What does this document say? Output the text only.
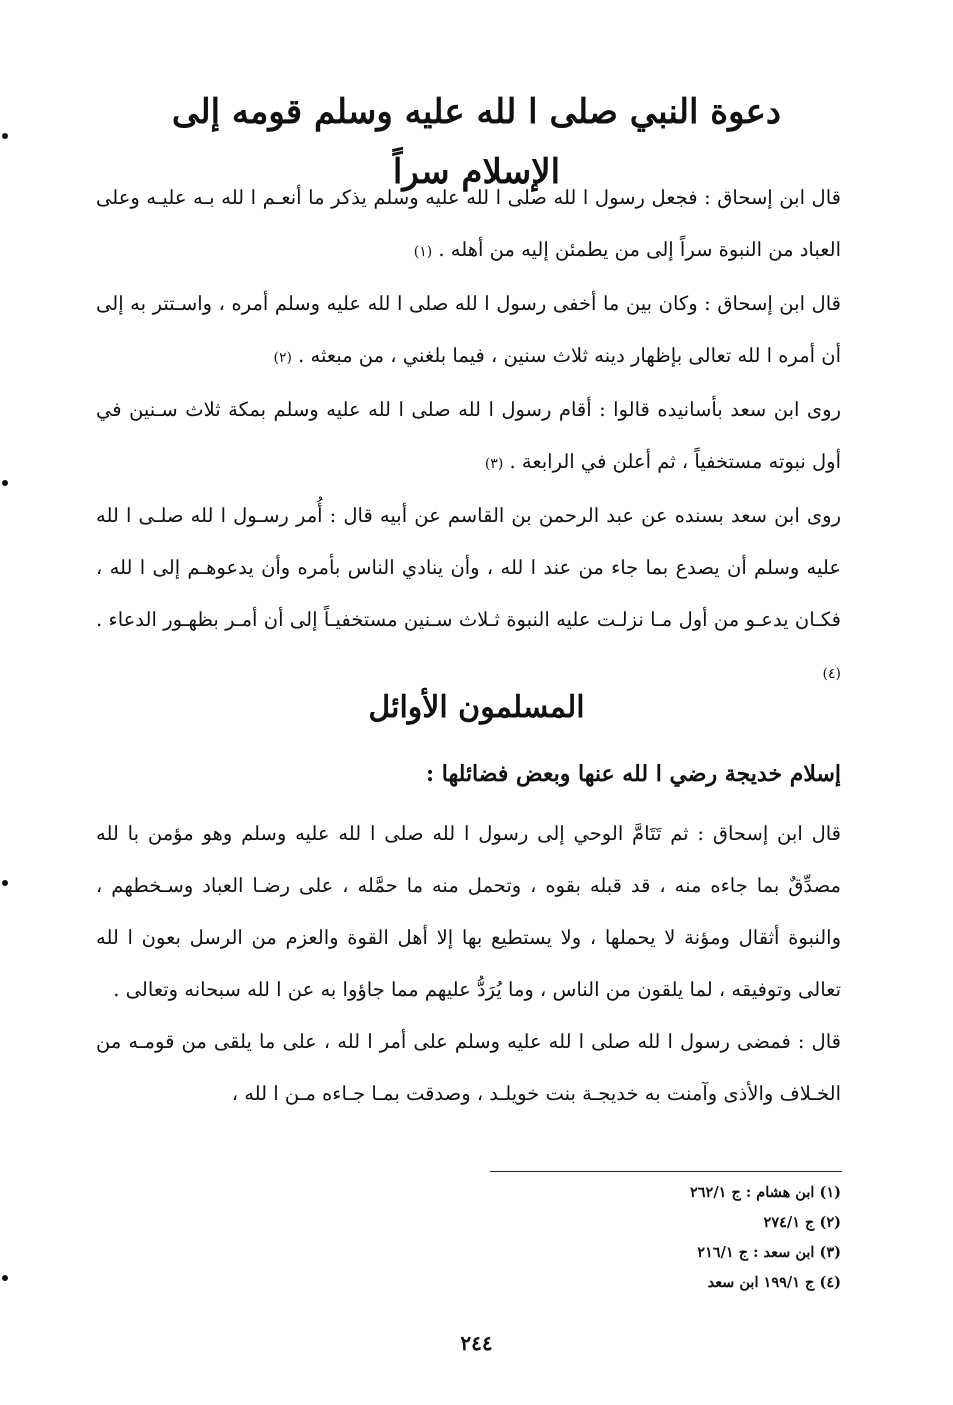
دعوة النبي صلى ا لله عليه وسلم قومه إلى الإسلام سراً

قال ابن إسحاق : فجعل رسول ا لله صلى ا لله عليه وسلم يذكر ما أنعـم ا لله بـه عليـه وعلى العباد من النبوة سراً إلى من يطمئن إليه من أهله . (١)

قال ابن إسحاق : وكان بين ما أخفى رسول ا لله صلى ا لله عليه وسلم أمره ، واسـتتر به إلى أن أمره ا لله تعالى بإظهار دينه ثلاث سنين ، فيما بلغني ، من مبعثه . (٢)

روى ابن سعد بأسانيده قالوا : أقام رسول ا لله صلى ا لله عليه وسلم بمكة ثلاث سـنين في أول نبوته مستخفياً ، ثم أعلن في الرابعة . (٣)

روى ابن سعد بسنده عن عبد الرحمن بن القاسم عن أبيه قال : أُمر رسـول ا لله صلـى ا لله عليه وسلم أن يصدع بما جاء من عند ا لله ، وأن ينادي الناس بأمره وأن يدعوهـم إلى ا لله ، فكـان يدعـو من أول مـا نزلـت عليه النبوة ثـلاث سـنين مستخفيـاً إلى أن أمـر بظهـور الدعاء . (٤)

المسلمون الأوائل
إسلام خديجة رضي ا لله عنها وبعض فضائلها :

قال ابن إسحاق : ثم تَتَامَّ الوحي إلى رسول ا لله صلى ا لله عليه وسلم وهو مؤمن با لله مصدِّقٌ بما جاءه منه ، قد قبله بقوه ، وتحمل منه ما حمَّله ، على رضـا العباد وسـخطهم ، والنبوة أثقال ومؤنة لا يحملها ، ولا يستطيع بها إلا أهل القوة والعزم من الرسل بعون ا لله تعالى وتوفيقه ، لما يلقون من الناس ، وما يُرَدُّ عليهم مما جاؤوا به عن ا لله سبحانه وتعالى .

قال : فمضى رسول ا لله صلى ا لله عليه وسلم على أمر ا لله ، على ما يلقى من قومـه من الخـلاف والأذى وآمنت به خديجـة بنت خويلـد ، وصدقت بمـا جـاءه مـن ا لله ،

(١) ابن هشام : ج ٢٦٢/١
(٢) ج ٢٧٤/١
(٣) ابن سعد : ج ٢١٦/١
(٤) ج ١٩٩/١ ابن سعد
٢٤٤
